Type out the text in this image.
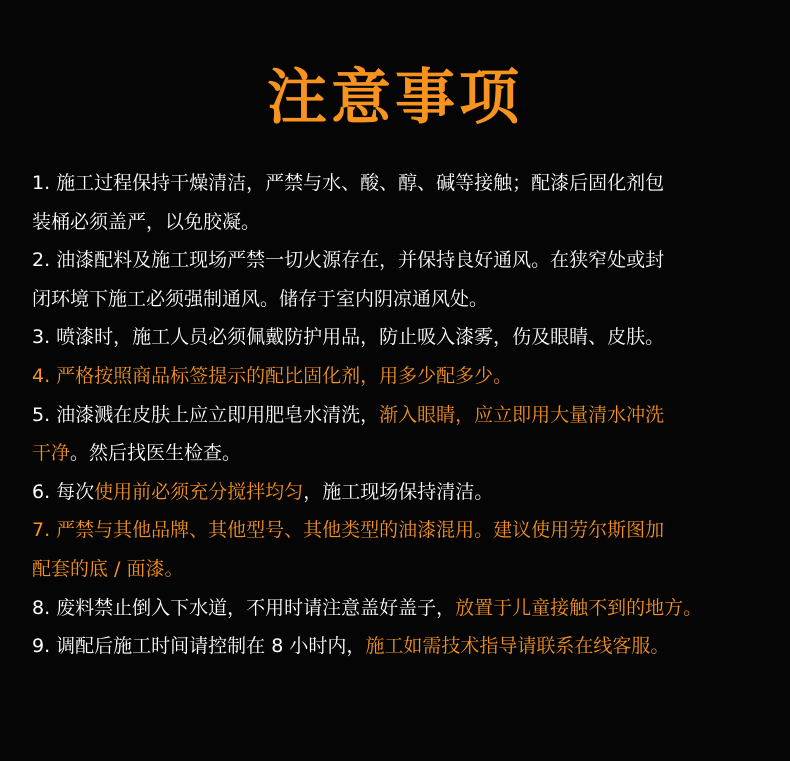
注意事项
1. 施工过程保持干燥清洁，严禁与水、酸、醇、碱等接触；配漆后固化剂包
装桶必须盖严，以免胶凝。
2. 油漆配料及施工现场严禁一切火源存在，并保持良好通风。在狭窄处或封
闭环境下施工必须强制通风。储存于室内阴凉通风处。
3. 喷漆时，施工人员必须佩戴防护用品，防止吸入漆雾，伤及眼睛、皮肤。
4. 严格按照商品标签提示的配比固化剂，用多少配多少。
5. 油漆溅在皮肤上应立即用肥皂水清洗，渐入眼睛，应立即用大量清水冲洗
干净。然后找医生检查。
6. 每次使用前必须充分搅拌均匀，施工现场保持清洁。
7. 严禁与其他品牌、其他型号、其他类型的油漆混用。建议使用劳尔斯图加
配套的底 / 面漆。
8. 废料禁止倒入下水道，不用时请注意盖好盖子，放置于儿童接触不到的地方。
9. 调配后施工时间请控制在 8 小时内，施工如需技术指导请联系在线客服。
